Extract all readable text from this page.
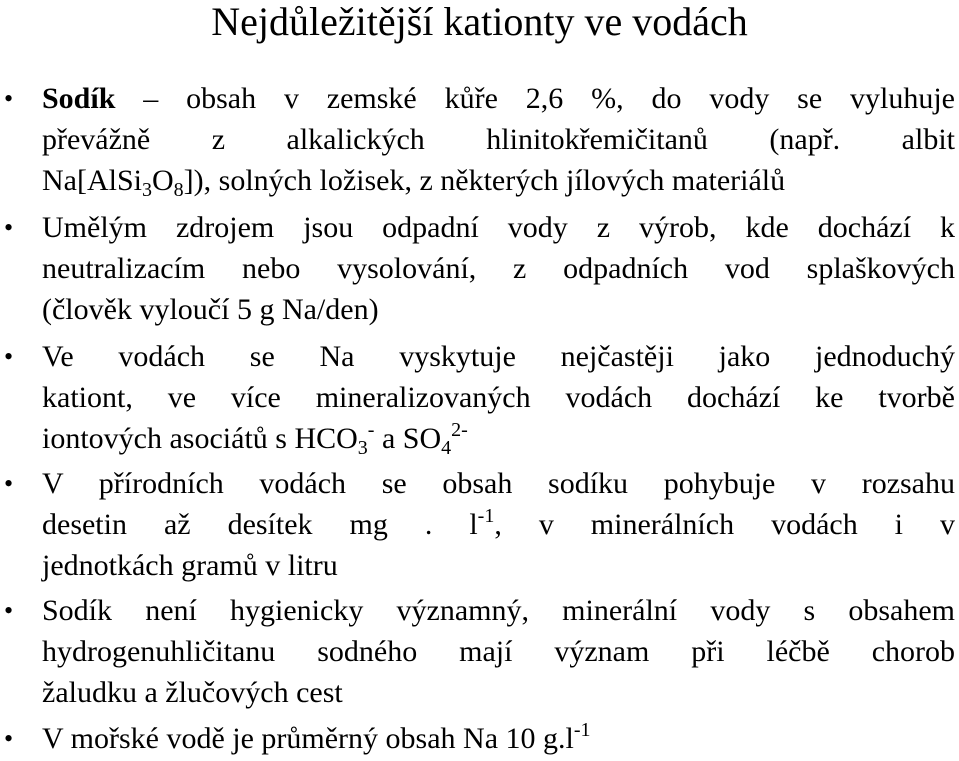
Nejdůležitější kationty ve vodách
• Sodík – obsah v zemské kůře 2,6 %, do vody se vyluhuje
převážně z alkalických hlinitokřemičitanů (např. albit
$Na[AlSi_3O_8]$), solných ložisek, z některých jílových materiálů
• Umělým zdrojem jsou odpadní vody z výrob, kde dochází k
neutralizacím nebo vysolování, z odpadních vod splaškových
(člověk vyloučí 5 g Na/den)
• Ve vodách se Na vyskytuje nejčastěji jako jednoduchý
kationt, ve více mineralizovaných vodách dochází ke tvorbě
iontových asociátů s $HCO_3^-$ a $SO_4^{2-}$
• V přírodních vodách se obsah sodíku pohybuje v rozsahu
desetin až desítek mg . $l^{-1}$, v minerálních vodách i v
jednotkách gramů v litru
• Sodík není hygienicky významný, minerální vody s obsahem
hydrogenuhličitanu sodného mají význam při léčbě chorob
žaludku a žlučových cest
• V mořské vodě je průměrný obsah Na 10 $g.l^{-1}$
